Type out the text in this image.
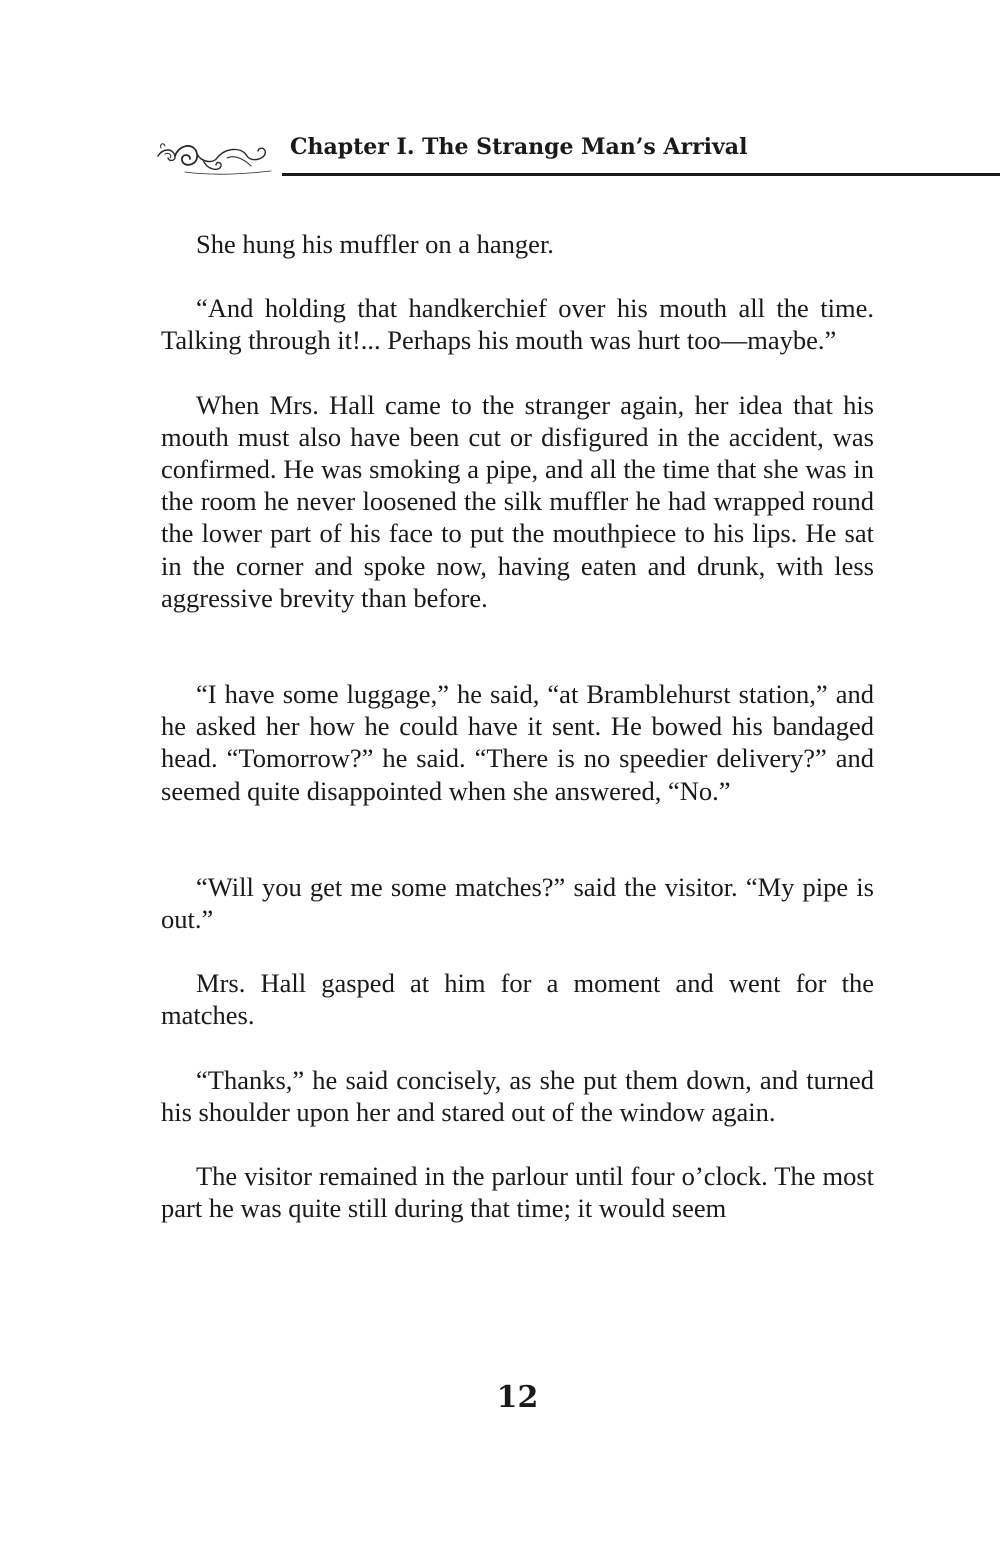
Chapter I. The Strange Man’s Arrival

She hung his muffler on a hanger.

“And holding that handkerchief over his mouth all the time. Talking through it!... Perhaps his mouth was hurt too—maybe.”

When Mrs. Hall came to the stranger again, her idea that his mouth must also have been cut or disfigured in the accident, was confirmed. He was smoking a pipe, and all the time that she was in the room he never loosened the silk muffler he had wrapped round the lower part of his face to put the mouthpiece to his lips. He sat in the corner and spoke now, having eaten and drunk, with less aggressive brevity than before.

“I have some luggage,” he said, “at Bramblehurst station,” and he asked her how he could have it sent. He bowed his bandaged head. “Tomorrow?” he said. “There is no speedier delivery?” and seemed quite disappointed when she answered, “No.”

“Will you get me some matches?” said the visitor. “My pipe is out.”

Mrs. Hall gasped at him for a moment and went for the matches.

“Thanks,” he said concisely, as she put them down, and turned his shoulder upon her and stared out of the window again.

The visitor remained in the parlour until four o’clock. The most part he was quite still during that time; it would seem

12
